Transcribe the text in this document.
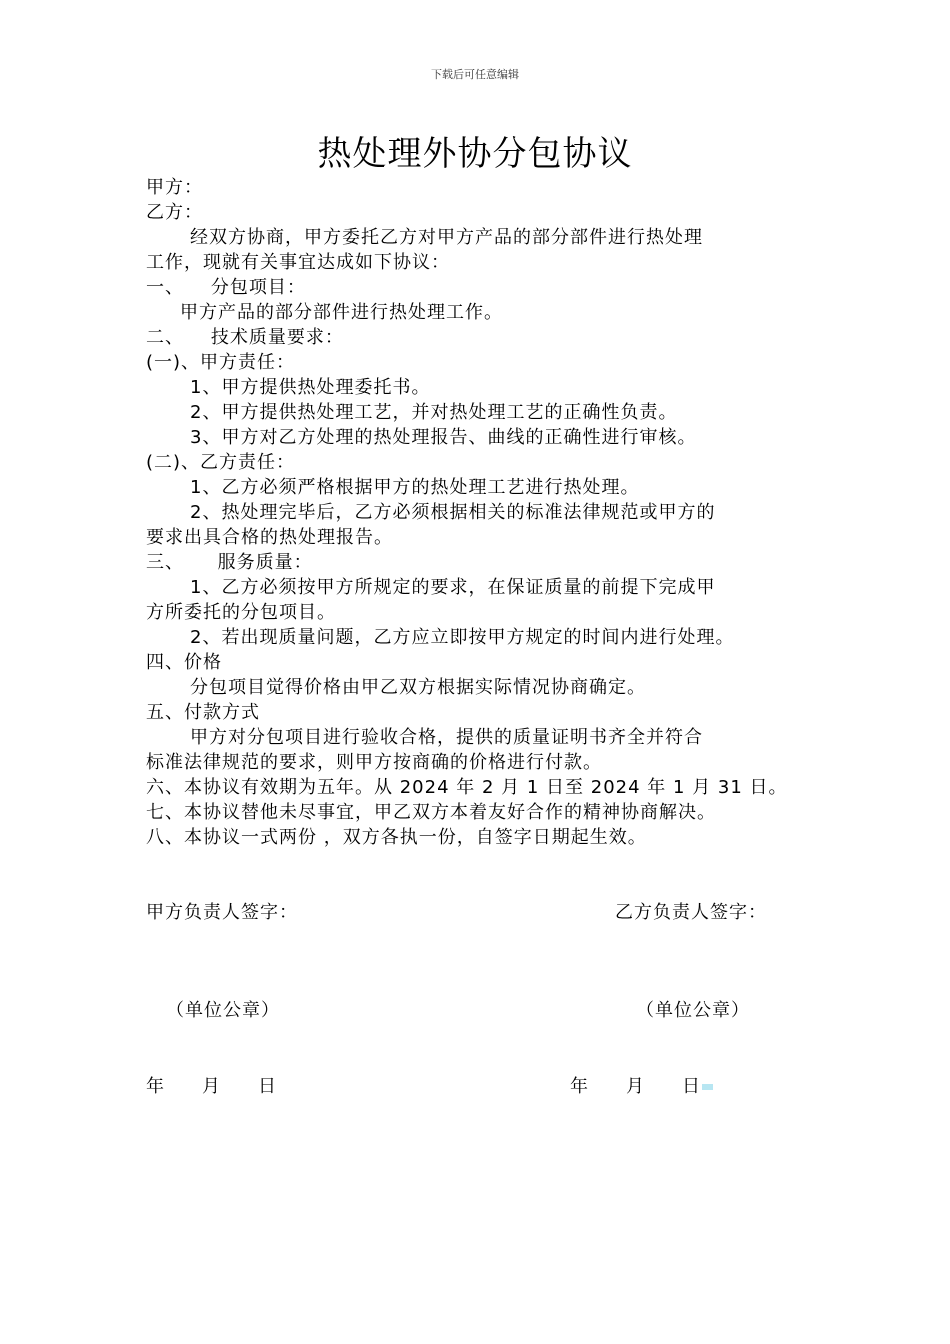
下载后可任意编辑
热处理外协分包协议
甲方：
乙方：
经双方协商，甲方委托乙方对甲方产品的部分部件进行热处理
工作，现就有关事宜达成如下协议：
一、    分包项目：
甲方产品的部分部件进行热处理工作。
二、    技术质量要求：
(一)、甲方责任：
1、甲方提供热处理委托书。
2、甲方提供热处理工艺，并对热处理工艺的正确性负责。
3、甲方对乙方处理的热处理报告、曲线的正确性进行审核。
(二)、乙方责任：
1、乙方必须严格根据甲方的热处理工艺进行热处理。
2、热处理完毕后，乙方必须根据相关的标准法律规范或甲方的
要求出具合格的热处理报告。
三、     服务质量：
1、乙方必须按甲方所规定的要求，在保证质量的前提下完成甲
方所委托的分包项目。
2、若出现质量问题，乙方应立即按甲方规定的时间内进行处理。
四、价格
分包项目觉得价格由甲乙双方根据实际情况协商确定。
五、付款方式
甲方对分包项目进行验收合格，提供的质量证明书齐全并符合
标准法律规范的要求，则甲方按商确的价格进行付款。
六、本协议有效期为五年。从 2024 年 2 月 1 日至 2024 年 1 月 31 日。
七、本协议替他未尽事宜，甲乙双方本着友好合作的精神协商解决。
八、本协议一式两份 ，双方各执一份，自签字日期起生效。
甲方负责人签字：	乙方负责人签字：
（单位公章）	（单位公章）
年 月 日	年 月 日
